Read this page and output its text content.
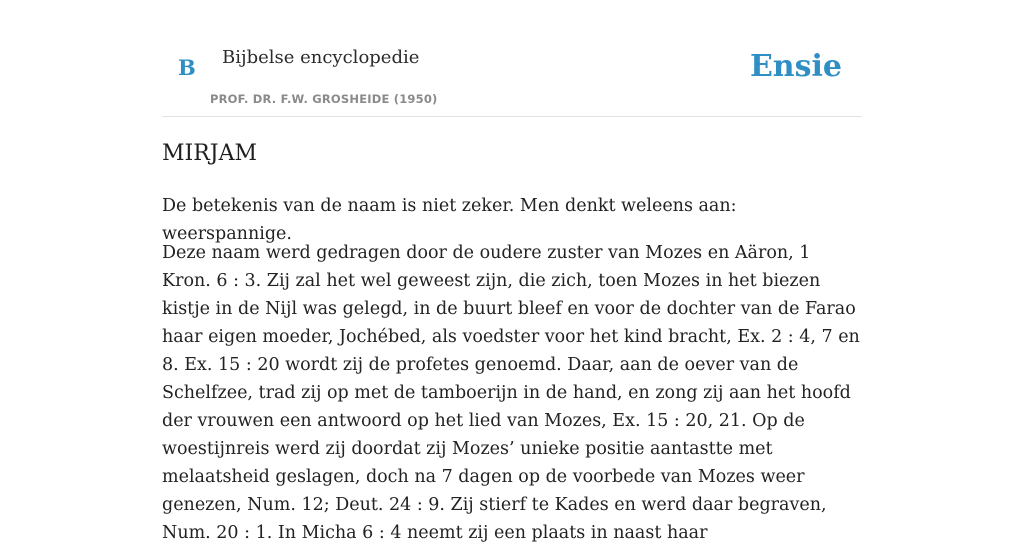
B Bijbelse encyclopedie
PROF. DR. F.W. GROSHEIDE (1950)
Ensie
MIRJAM

De betekenis van de naam is niet zeker. Men denkt weleens aan: weerspannige.

Deze naam werd gedragen door de oudere zuster van Mozes en Aäron, 1 Kron. 6 : 3. Zij zal het wel geweest zijn, die zich, toen Mozes in het biezen kistje in de Nijl was gelegd, in de buurt bleef en voor de dochter van de Farao haar eigen moeder, Jochébed, als voedster voor het kind bracht, Ex. 2 : 4, 7 en 8. Ex. 15 : 20 wordt zij de profetes genoemd. Daar, aan de oever van de Schelfzee, trad zij op met de tamboerijn in de hand, en zong zij aan het hoofd der vrouwen een antwoord op het lied van Mozes, Ex. 15 : 20, 21. Op de woestijnreis werd zij doordat zij Mozes’ unieke positie aantastte met melaatsheid geslagen, doch na 7 dagen op de voorbede van Mozes weer genezen, Num. 12; Deut. 24 : 9. Zij stierf te Kades en werd daar begraven, Num. 20 : 1. In Micha 6 : 4 neemt zij een plaats in naast haar
